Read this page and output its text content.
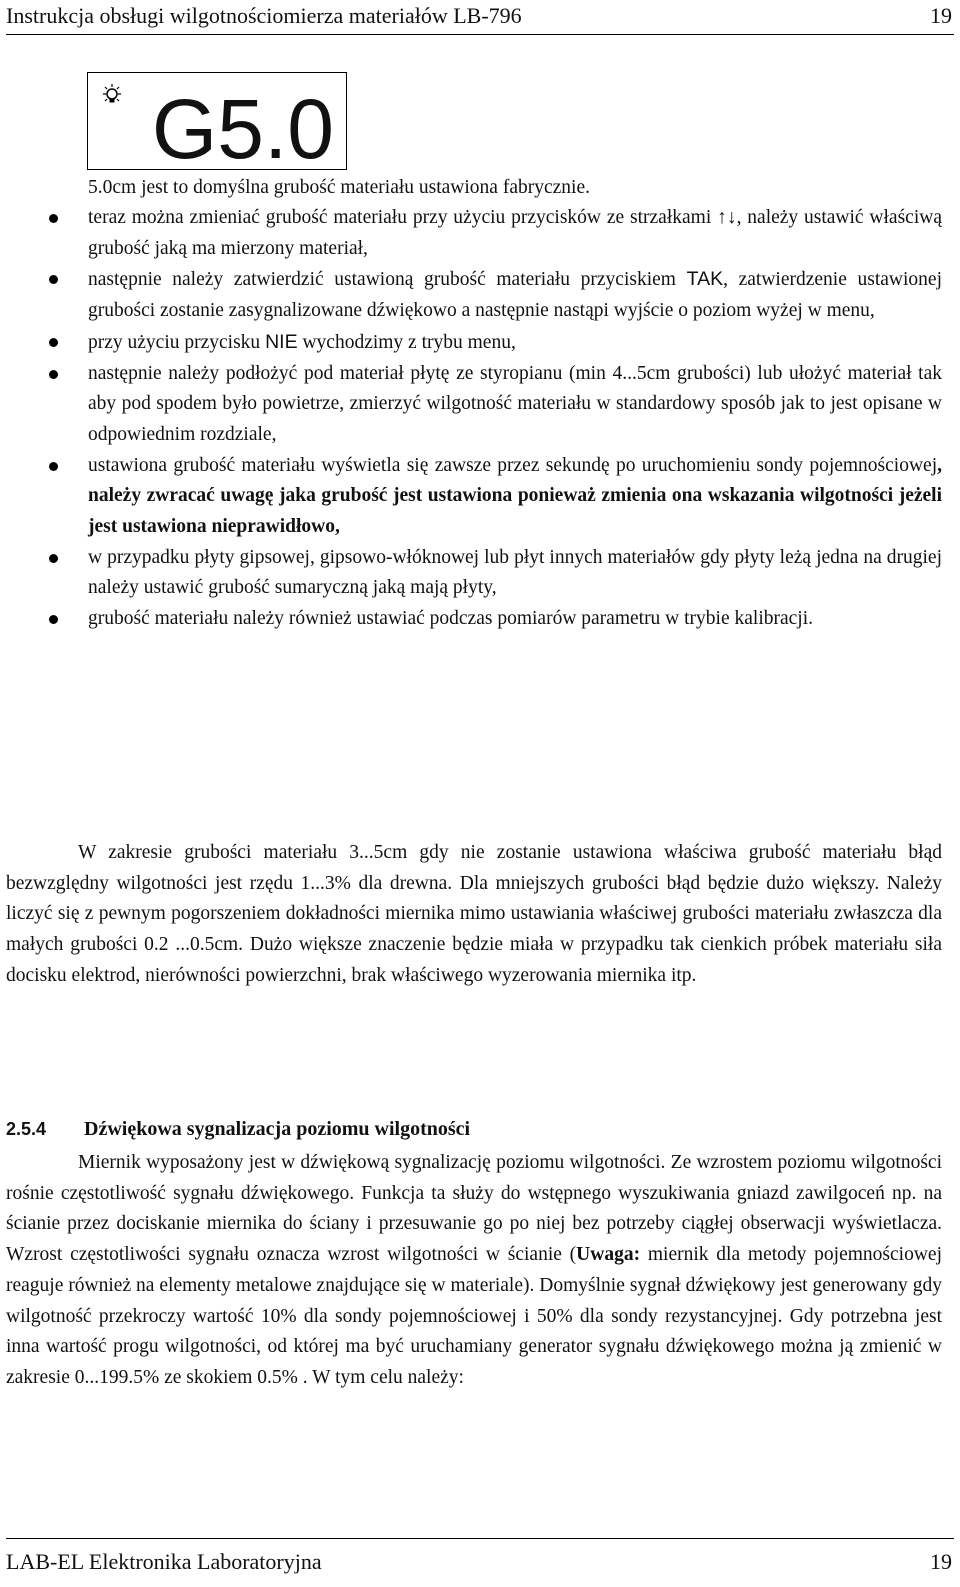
Instrukcja obsługi wilgotnościomierza materiałów LB-796	19
G5.0
5.0cm jest to domyślna grubość materiału ustawiona fabrycznie.
teraz można zmieniać grubość materiału przy użyciu przycisków ze strzałkami ↑↓, należy ustawić właściwą grubość jaką ma mierzony materiał,
następnie należy zatwierdzić ustawioną grubość materiału przyciskiem TAK, zatwierdzenie ustawionej grubości zostanie zasygnalizowane dźwiękowo a następnie nastąpi wyjście o poziom wyżej w menu,
przy użyciu przycisku NIE wychodzimy z trybu menu,
następnie należy podłożyć pod materiał płytę ze styropianu (min 4...5cm grubości) lub ułożyć materiał tak aby pod spodem było powietrze, zmierzyć wilgotność materiału w standardowy sposób jak to jest opisane w odpowiednim rozdziale,
ustawiona grubość materiału wyświetla się zawsze przez sekundę po uruchomieniu sondy pojemnościowej, należy zwracać uwagę jaka grubość jest ustawiona ponieważ zmienia ona wskazania wilgotności jeżeli jest ustawiona nieprawidłowo,
w przypadku płyty gipsowej, gipsowo-włóknowej lub płyt innych materiałów gdy płyty leżą jedna na drugiej należy ustawić grubość sumaryczną jaką mają płyty,
grubość materiału należy również ustawiać podczas pomiarów parametru w trybie kalibracji.
W zakresie grubości materiału 3...5cm gdy nie zostanie ustawiona właściwa grubość materiału błąd bezwzględny wilgotności jest rzędu 1...3% dla drewna. Dla mniejszych grubości błąd będzie dużo większy. Należy liczyć się z pewnym pogorszeniem dokładności miernika mimo ustawiania właściwej grubości materiału zwłaszcza dla małych grubości 0.2 ...0.5cm. Dużo większe znaczenie będzie miała w przypadku tak cienkich próbek materiału siła docisku elektrod, nierówności powierzchni, brak właściwego wyzerowania miernika itp.
2.5.4 Dźwiękowa sygnalizacja poziomu wilgotności
Miernik wyposażony jest w dźwiękową sygnalizację poziomu wilgotności. Ze wzrostem poziomu wilgotności rośnie częstotliwość sygnału dźwiękowego. Funkcja ta służy do wstępnego wyszukiwania gniazd zawilgoceń np. na ścianie przez dociskanie miernika do ściany i przesuwanie go po niej bez potrzeby ciągłej obserwacji wyświetlacza. Wzrost częstotliwości sygnału oznacza wzrost wilgotności w ścianie (Uwaga: miernik dla metody pojemnościowej reaguje również na elementy metalowe znajdujące się w materiale). Domyślnie sygnał dźwiękowy jest generowany gdy wilgotność przekroczy wartość 10% dla sondy pojemnościowej i 50% dla sondy rezystancyjnej. Gdy potrzebna jest inna wartość progu wilgotności, od której ma być uruchamiany generator sygnału dźwiękowego można ją zmienić w zakresie 0...199.5% ze skokiem 0.5% . W tym celu należy:
LAB-EL Elektronika Laboratoryjna	19
